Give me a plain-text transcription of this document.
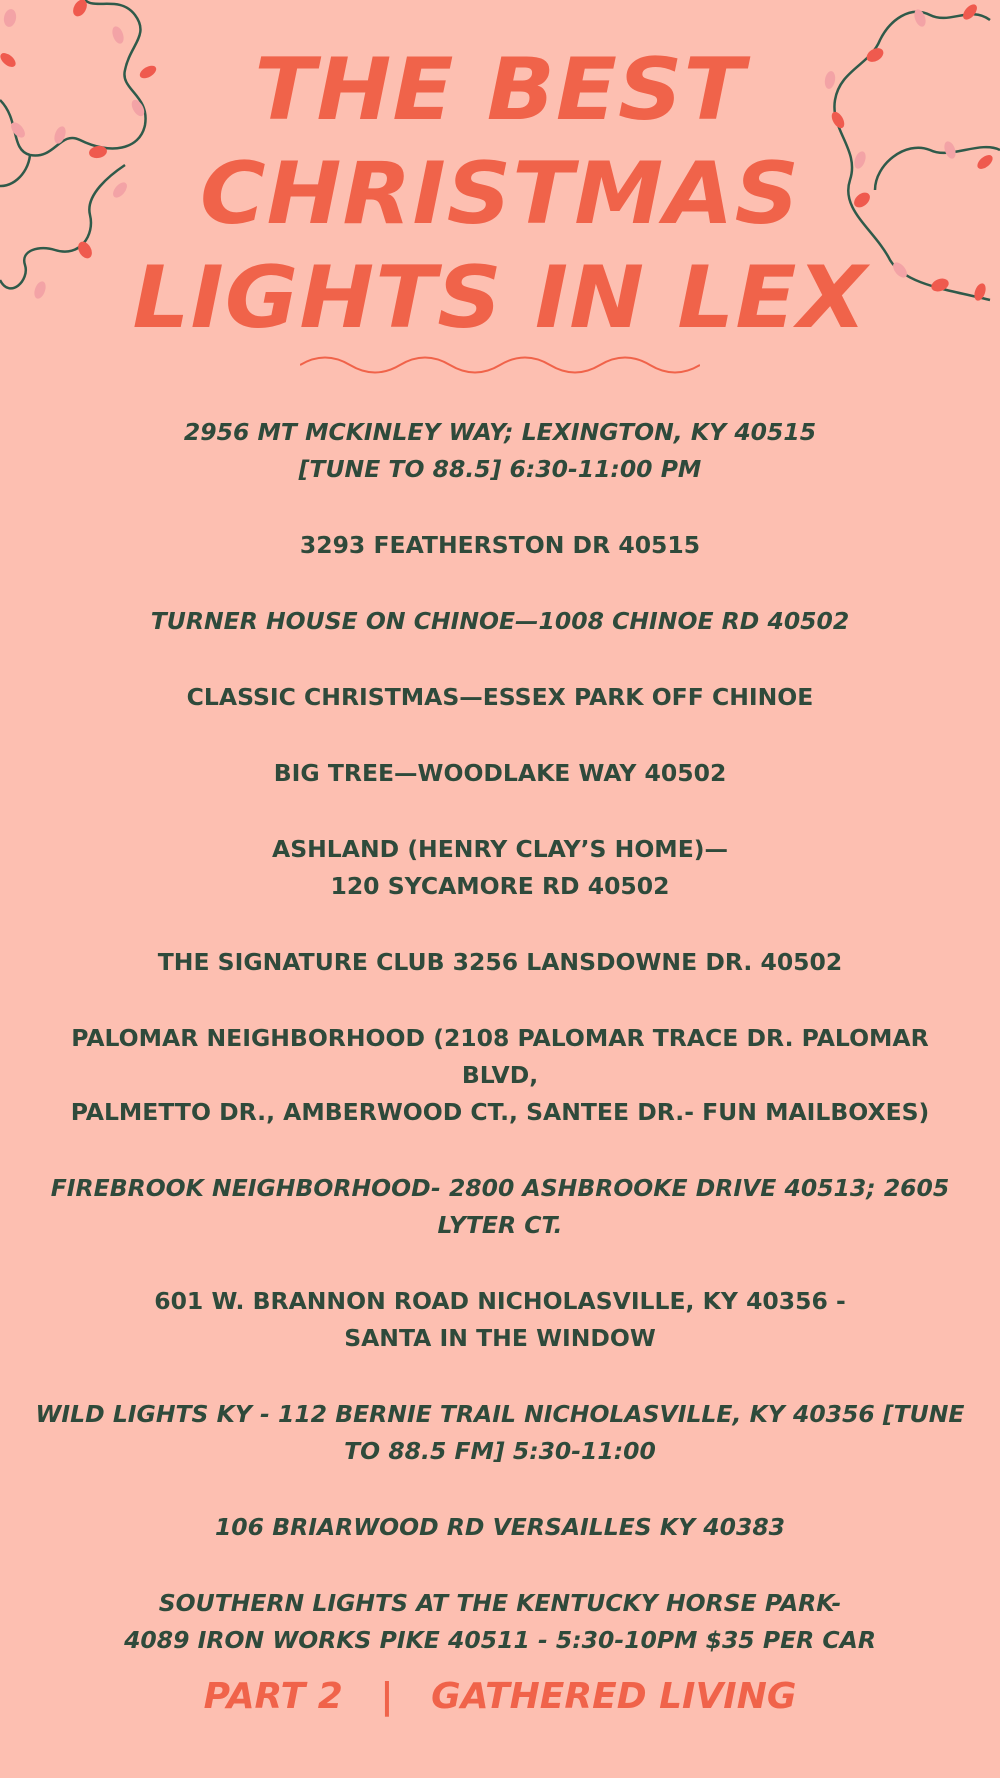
THE BEST
CHRISTMAS
LIGHTS IN LEX
2956 MT MCKINLEY WAY; LEXINGTON, KY 40515
[TUNE TO 88.5] 6:30-11:00 PM
3293 FEATHERSTON DR 40515
TURNER HOUSE ON CHINOE—1008 CHINOE RD 40502
CLASSIC CHRISTMAS—ESSEX PARK OFF CHINOE
BIG TREE—WOODLAKE WAY 40502
ASHLAND (HENRY CLAY’S HOME)—
120 SYCAMORE RD 40502
THE SIGNATURE CLUB 3256 LANSDOWNE DR. 40502
PALOMAR NEIGHBORHOOD (2108 PALOMAR TRACE DR. PALOMAR BLVD,
PALMETTO DR., AMBERWOOD CT., SANTEE DR.- FUN MAILBOXES)
FIREBROOK NEIGHBORHOOD- 2800 ASHBROOKE DRIVE 40513; 2605
LYTER CT.
601 W. BRANNON ROAD NICHOLASVILLE, KY 40356 -
SANTA IN THE WINDOW
WILD LIGHTS KY - 112 BERNIE TRAIL NICHOLASVILLE, KY 40356 [TUNE
TO 88.5 FM] 5:30-11:00
106 BRIARWOOD RD VERSAILLES KY 40383
SOUTHERN LIGHTS AT THE KENTUCKY HORSE PARK-
4089 IRON WORKS PIKE 40511 - 5:30-10PM $35 PER CAR
PART 2   |   GATHERED LIVING
